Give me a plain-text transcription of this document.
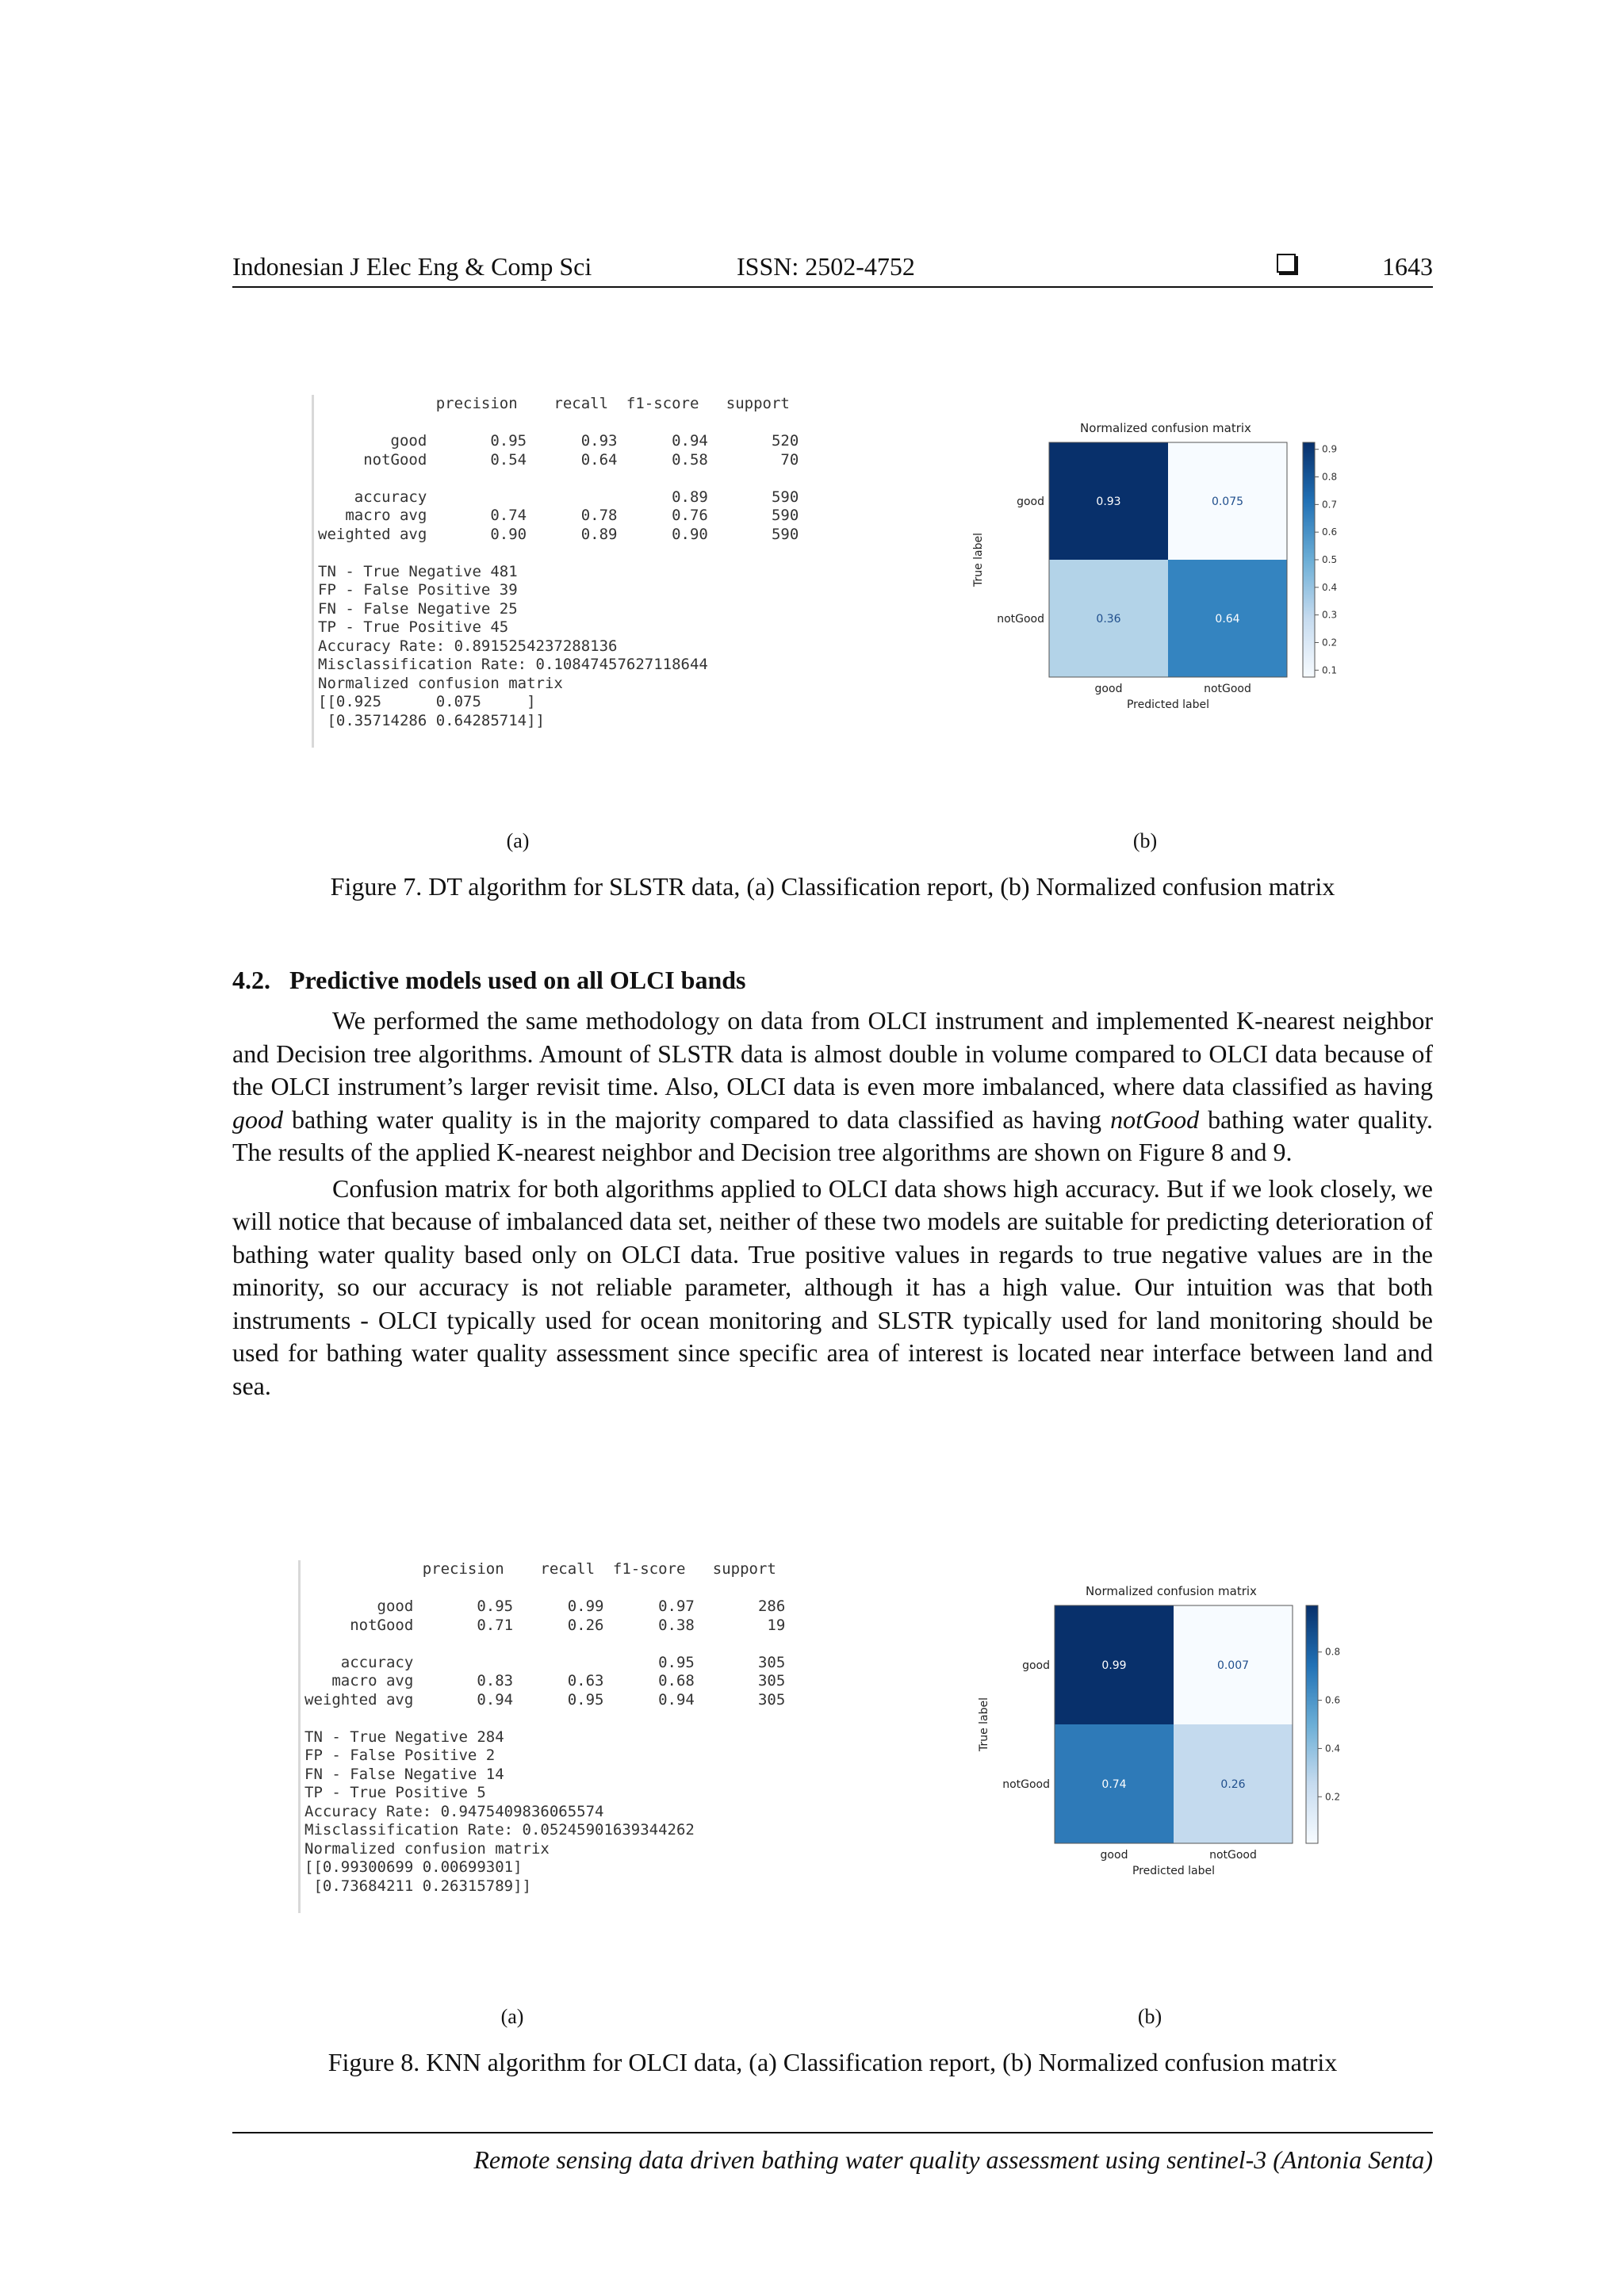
Indonesian J Elec Eng & Comp Sci	ISSN: 2502-4752	1643
precision    recall  f1-score   support

good       0.95      0.93      0.94       520
notGood       0.54      0.64      0.58        70

accuracy                           0.89       590
macro avg       0.74      0.78      0.76       590
weighted avg       0.90      0.89      0.90       590

TN - True Negative 481
FP - False Positive 39
FN - False Negative 25
TP - True Positive 45
Accuracy Rate: 0.8915254237288136
Misclassification Rate: 0.10847457627118644
Normalized confusion matrix
[[0.925      0.075     ]
[0.35714286 0.64285714]]
Normalized confusion matrix
0.93	0.075
0.36	0.64
good
notGood
good	notGood
Predicted label
True label
0.9
0.8
0.7
0.6
0.5
0.4
0.3
0.2
0.1
(a)	(b)
Figure 7. DT algorithm for SLSTR data, (a) Classification report, (b) Normalized confusion matrix
4.2.   Predictive models used on all OLCI bands

We performed the same methodology on data from OLCI instrument and implemented K-nearest neighbor and Decision tree algorithms. Amount of SLSTR data is almost double in volume compared to OLCI data because of the OLCI instrument’s larger revisit time. Also, OLCI data is even more imbalanced, where data classified as having good bathing water quality is in the majority compared to data classified as having notGood bathing water quality. The results of the applied K-nearest neighbor and Decision tree algorithms are shown on Figure 8 and 9.

Confusion matrix for both algorithms applied to OLCI data shows high accuracy. But if we look closely, we will notice that because of imbalanced data set, neither of these two models are suitable for predicting deterioration of bathing water quality based only on OLCI data. True positive values in regards to true negative values are in the minority, so our accuracy is not reliable parameter, although it has a high value. Our intuition was that both instruments - OLCI typically used for ocean monitoring and SLSTR typically used for land monitoring should be used for bathing water quality assessment since specific area of interest is located near interface between land and sea.

precision    recall  f1-score   support

good       0.95      0.99      0.97       286
notGood       0.71      0.26      0.38        19

accuracy                           0.95       305
macro avg       0.83      0.63      0.68       305
weighted avg       0.94      0.95      0.94       305

TN - True Negative 284
FP - False Positive 2
FN - False Negative 14
TP - True Positive 5
Accuracy Rate: 0.9475409836065574
Misclassification Rate: 0.05245901639344262
Normalized confusion matrix
[[0.99300699 0.00699301]
[0.73684211 0.26315789]]
Normalized confusion matrix
0.99	0.007
0.74	0.26
good
notGood
good	notGood
Predicted label
True label
0.8
0.6
0.4
0.2
(a)	(b)
Figure 8. KNN algorithm for OLCI data, (a) Classification report, (b) Normalized confusion matrix
Remote sensing data driven bathing water quality assessment using sentinel-3 (Antonia Senta)
